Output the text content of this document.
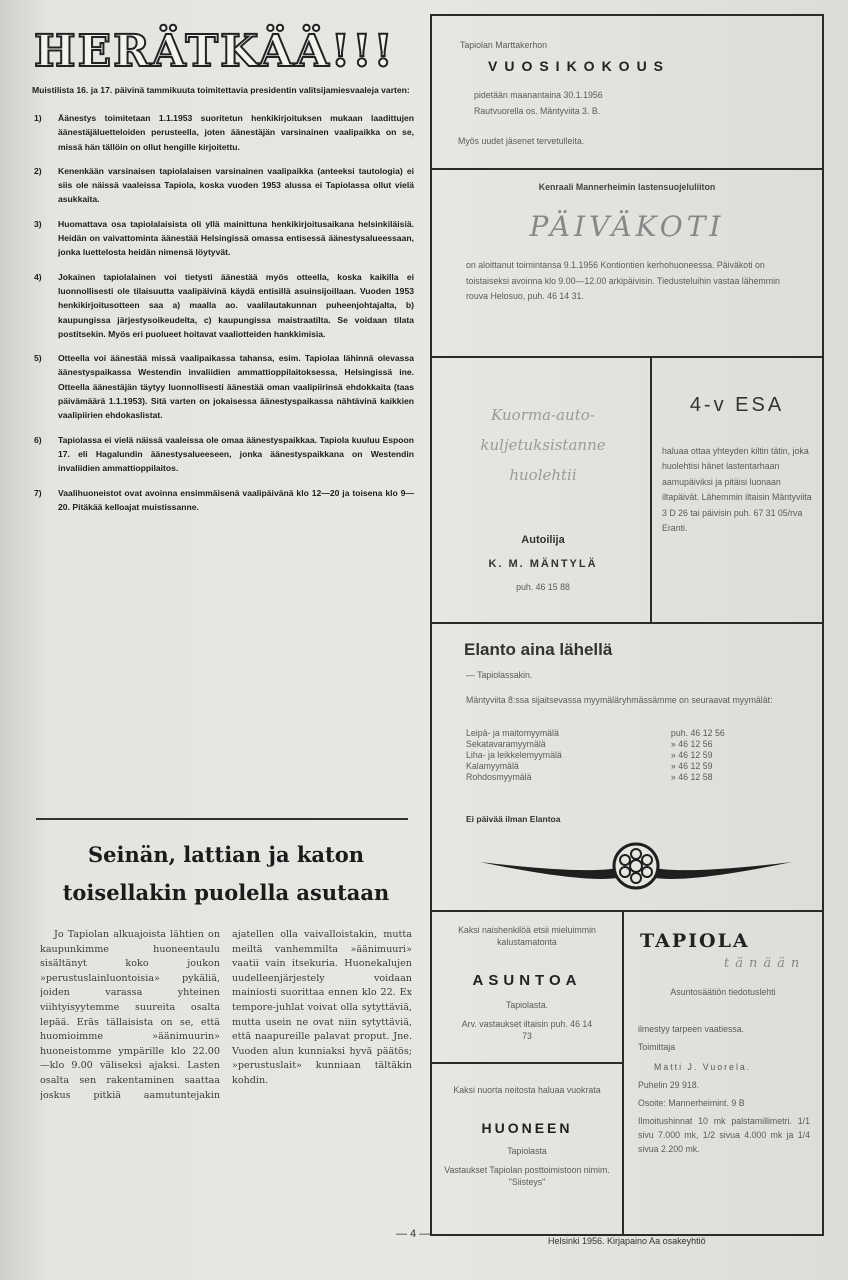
HERÄTKÄÄ!!!
Muistilista 16. ja 17. päivinä tammikuuta toimitettavia presidentin valitsijamiesvaaleja varten:
1) Äänestys toimitetaan 1.1.1953 suoritetun henkikirjoituksen mukaan laadittujen äänestäjäluetteloiden perusteella, joten äänestäjän varsinainen vaalipaikka on se, missä hän tällöin on ollut hengille kirjoitettu.
2) Kenenkään varsinaisen tapiolalaisen varsinainen vaalipaikka (anteeksi tautologia) ei siis ole näissä vaaleissa Tapiola, koska vuoden 1953 alussa ei Tapiolassa ollut vielä asukkaita.
3) Huomattava osa tapiolalaisista oli yllä mainittuna henkikirjoitusaikana helsinkiläisiä. Heidän on vaivattominta äänestää Helsingissä omassa entisessä äänestysalueessaan, jonka luettelosta heidän nimensä löytyvät.
4) Jokainen tapiolalainen voi tietysti äänestää myös otteella, koska kaikilla ei luonnollisesti ole tilaisuutta vaalipäivinä käydä entisillä asuinsijoillaan. Vuoden 1953 henkikirjoitusotteen saa a) maalla ao. vaalilautakunnan puheenjohtajalta, b) kaupungissa järjestysoikeudelta, c) kaupungissa maistraatilta. Se voidaan tilata postitsekin. Myös eri puolueet hoitavat vaaliotteiden hankkimisia.
5) Otteella voi äänestää missä vaalipaikassa tahansa, esim. Tapiolaa lähinnä olevassa äänestyspaikassa Westendin invaliidien ammattioppilaitoksessa, Helsingissä ine. Otteella äänestäjän täytyy luonnollisesti äänestää oman vaalipiirinsä ehdokkaita (taas päivämäärä 1.1.1953). Sitä varten on jokaisessa äänestyspaikassa nähtävinä kaikkien vaalipiirien ehdokaslistat.
6) Tapiolassa ei vielä näissä vaaleissa ole omaa äänestyspaikkaa. Tapiola kuuluu Espoon 17. eli Hagalundin äänestysalueeseen, jonka äänestyspaikkana on Westendin invaliidien ammattioppilaitos.
7) Vaalihuoneistot ovat avoinna ensimmäisenä vaalipäivänä klo 12—20 ja toisena klo 9—20. Pitäkää kelloajat muistissanne.
Seinän, lattian ja katon
toisellakin puolella asutaan

Jo Tapiolan alkuajoista lähtien on kaupunkimme huoneentaulu sisältänyt koko joukon »perustuslainluontoisia» pykäliä, joiden varassa yhteinen viihtyisyytemme suureita osalta lepää. Eräs tällaisista on se, että huomioimme »äänimuurin» huoneistomme ympärille klo 22.00 —klo 9.00 väliseksi ajaksi. Lasten osalta sen rakentaminen saattaa joskus pitkiä aamutuntejakin ajatellen olla vaivalloistakin, mutta meiltä vanhemmilta »äänimuuri» vaatii vain itsekuria. Huonekalujen uudelleenjärjestely voidaan mainiosti suorittaa ennen klo 22. Ex tempore-juhlat voivat olla sytyttäviä, mutta usein ne ovat niin sytyttäviä, että naapureille palavat proput. Jne. Vuoden alun kunniaksi hyvä päätös; »perustuslait» kunniaan tältäkin kohdin.

Tapiolan Marttakerhon
VUOSIKOKOUS
pidetään maanantaina 30.1.1956
Rautvuorella os. Mäntyviita 3. B.
Myös uudet jäsenet tervetulleita.
Kenraali Mannerheimin lastensuojeluliiton
PÄIVÄKOTI
on aloittanut toimintansa 9.1.1956 Kontiontien kerhohuoneessa. Päiväkoti on toistaiseksi avoinna klo 9.00—12.00 arkipäivisin. Tiedusteluihin vastaa lähemmin rouva Helosuo, puh. 46 14 31.
Kuorma-auto-
kuljetuksistanne
huolehtii
Autoilija
K. M. MÄNTYLÄ
puh. 46 15 88
4-v ESA
haluaa ottaa yhteyden kiltin tätin, joka huolehtisi hänet lastentarhaan aamupäiviksi ja pitäisi luonaan iltapäivät. Lähemmin iltaisin Mäntyviita 3 D 26 tai päivisin puh. 67 31 05/rva Eranti.
Elanto aina lähellä
— Tapiolassakin.
Mäntyviita 8:ssa sijaitsevassa myymäläryhmässämme on seuraavat myymälät:
Leipä- ja maitomyymälä	puh. 46 12 56
Sekatavaramyymälä	» 46 12 56
Liha- ja leikkelemyymälä	» 46 12 59
Kalamyymälä	» 46 12 59
Rohdosmyymälä	» 46 12 58
Ei päivää ilman Elantoa
Kaksi naishenkilöä etsii mieluimmin kalustamatonta
ASUNTOA
Tapiolasta.
Arv. vastaukset iltaisin puh. 46 14 73
Kaksi nuorta neitosta haluaa vuokrata
HUONEEN
Tapiolasta
Vastaukset Tapiolan posttoimistoon nimim. "Siisteys"
TAPIOLA
tänään
Asuntosäätiön tiedotuslehti
ilmestyy tarpeen vaatiessa.
Toimittaja
Matti J. Vuorela.
Puhelin 29 918.
Osoite: Mannerheimint. 9 B
Ilmoitushinnat 10 mk palstamillimetri. 1/1 sivu 7.000 mk, 1/2 sivua 4.000 mk ja 1/4 sivua 2.200 mk.
— 4 —
Helsinki 1956. Kirjapaino Aa osakeyhtiö
